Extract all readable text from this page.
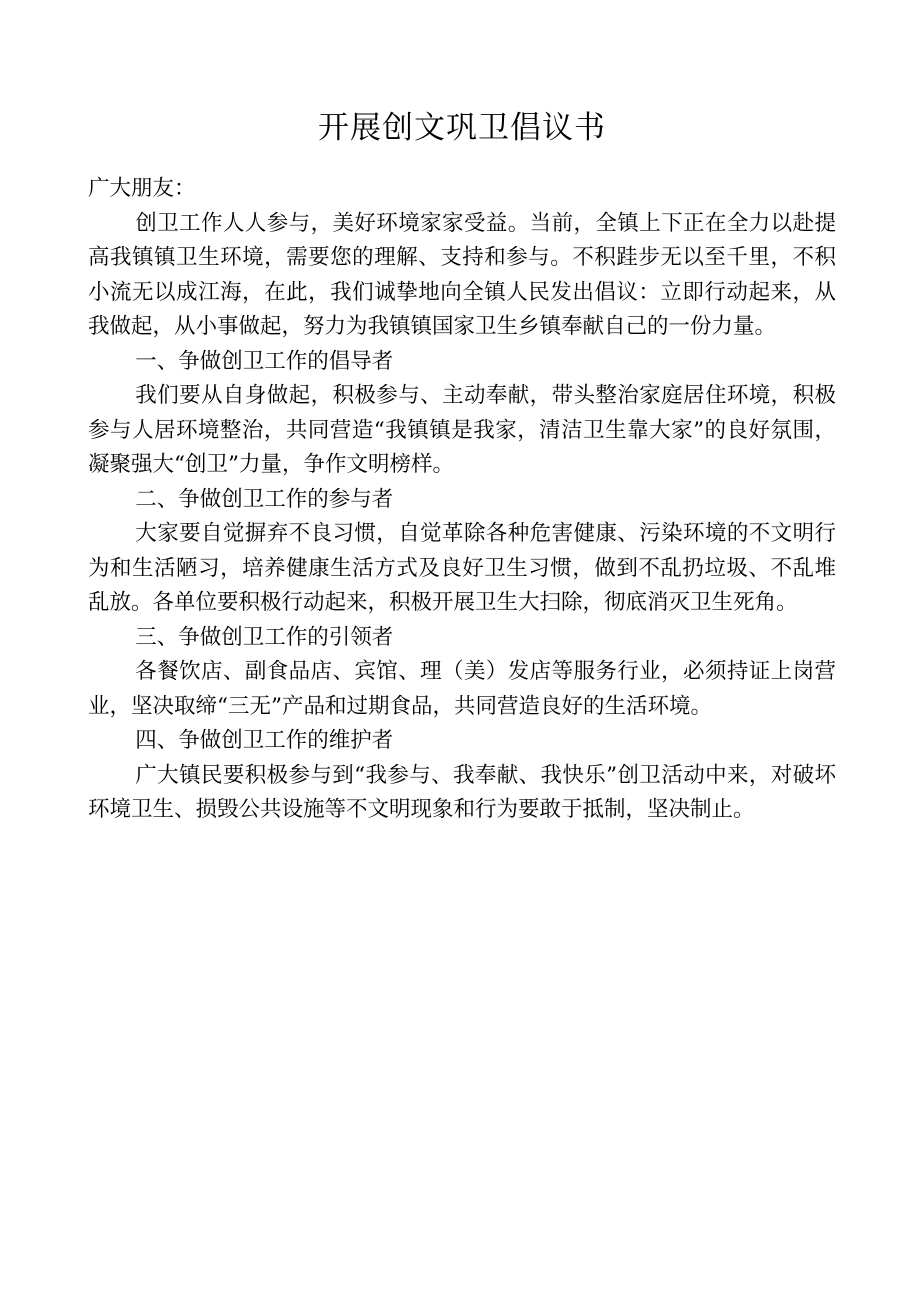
开展创文巩卫倡议书

广大朋友：

创卫工作人人参与，美好环境家家受益。当前，全镇上下正在全力以赴提高我镇镇卫生环境，需要您的理解、支持和参与。不积跬步无以至千里，不积小流无以成江海，在此，我们诚挚地向全镇人民发出倡议：立即行动起来，从我做起，从小事做起，努力为我镇镇国家卫生乡镇奉献自己的一份力量。

一、争做创卫工作的倡导者

我们要从自身做起，积极参与、主动奉献，带头整治家庭居住环境，积极参与人居环境整治，共同营造“我镇镇是我家，清洁卫生靠大家”的良好氛围，凝聚强大“创卫”力量，争作文明榜样。

二、争做创卫工作的参与者

大家要自觉摒弃不良习惯，自觉革除各种危害健康、污染环境的不文明行为和生活陋习，培养健康生活方式及良好卫生习惯，做到不乱扔垃圾、不乱堆乱放。各单位要积极行动起来，积极开展卫生大扫除，彻底消灭卫生死角。

三、争做创卫工作的引领者

各餐饮店、副食品店、宾馆、理（美）发店等服务行业，必须持证上岗营业，坚决取缔“三无”产品和过期食品，共同营造良好的生活环境。

四、争做创卫工作的维护者

广大镇民要积极参与到“我参与、我奉献、我快乐”创卫活动中来，对破坏环境卫生、损毁公共设施等不文明现象和行为要敢于抵制，坚决制止。
